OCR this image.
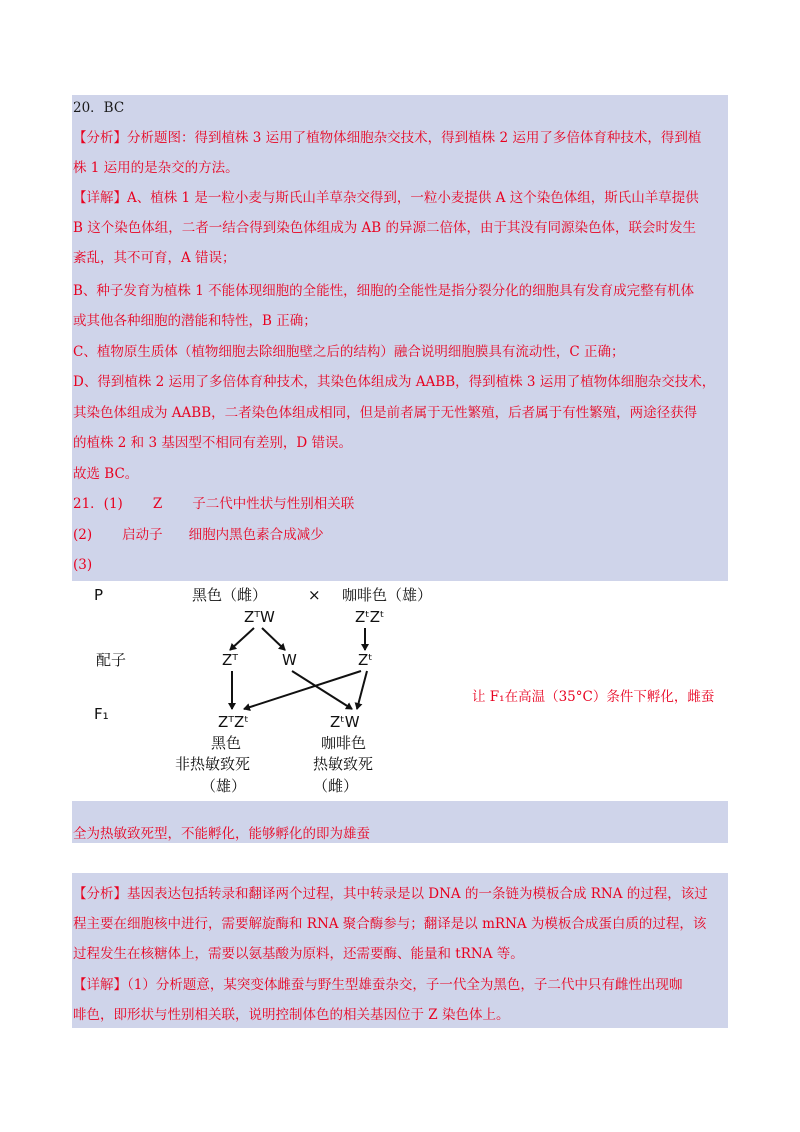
20．BC
【分析】分析题图：得到植株 3 运用了植物体细胞杂交技术，得到植株 2 运用了多倍体育种技术，得到植
株 1 运用的是杂交的方法。
【详解】A、植株 1 是一粒小麦与斯氏山羊草杂交得到，一粒小麦提供 A 这个染色体组，斯氏山羊草提供
B 这个染色体组，二者一结合得到染色体组成为 AB 的异源二倍体，由于其没有同源染色体，联会时发生
紊乱，其不可育，A 错误；
B、种子发育为植株 1 不能体现细胞的全能性，细胞的全能性是指分裂分化的细胞具有发育成完整有机体
或其他各种细胞的潜能和特性，B 正确；
C、植物原生质体（植物细胞去除细胞壁之后的结构）融合说明细胞膜具有流动性，C 正确；
D、得到植株 2 运用了多倍体育种技术，其染色体组成为 AABB，得到植株 3 运用了植物体细胞杂交技术，
其染色体组成为 AABB，二者染色体组成相同，但是前者属于无性繁殖，后者属于有性繁殖，两途径获得
的植株 2 和 3 基因型不相同有差别，D 错误。
故选 BC。
21．(1) Z 子二代中性状与性别相关联
(2) 启动子 细胞内黑色素合成减少
(3)
P	黑色（雌）	× 咖啡色（雄）
ZᵀW	ZᵗZᵗ
配子	Zᵀ	W	Zᵗ
F₁	ZᵀZᵗ	ZᵗW
黑色	咖啡色
非热敏致死	热敏致死
（雄）	（雌）
让 F₁在高温（35°C）条件下孵化，雌蚕
全为热敏致死型，不能孵化，能够孵化的即为雄蚕
【分析】基因表达包括转录和翻译两个过程，其中转录是以 DNA 的一条链为模板合成 RNA 的过程，该过
程主要在细胞核中进行，需要解旋酶和 RNA 聚合酶参与；翻译是以 mRNA 为模板合成蛋白质的过程，该
过程发生在核糖体上，需要以氨基酸为原料，还需要酶、能量和 tRNA 等。
【详解】（1）分析题意，某突变体雌蚕与野生型雄蚕杂交，子一代全为黑色，子二代中只有雌性出现咖
啡色，即形状与性别相关联，说明控制体色的相关基因位于 Z 染色体上。
